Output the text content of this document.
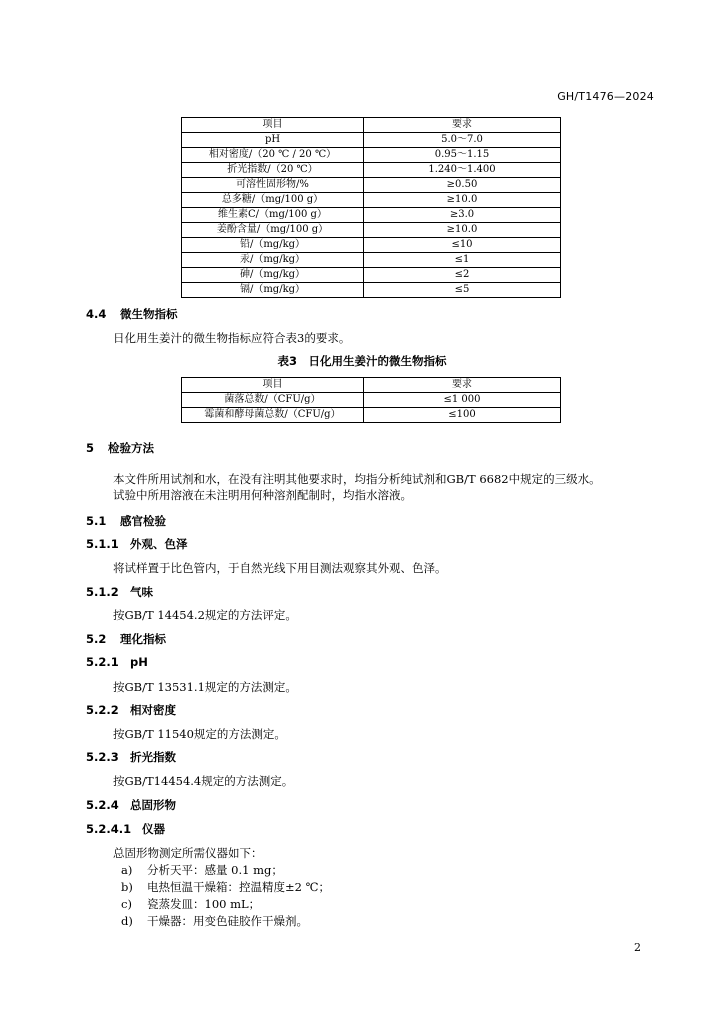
GH/T1476—2024
项目	要求
pH	5.0～7.0
相对密度/（20 ℃ / 20 ℃）	0.95～1.15
折光指数/（20 ℃）	1.240～1.400
可溶性固形物/%	≥0.50
总多糖/（mg/100 g）	≥10.0
维生素C/（mg/100 g）	≥3.0
姜酚含量/（mg/100 g）	≥10.0
铅/（mg/kg）	≤10
汞/（mg/kg）	≤1
砷/（mg/kg）	≤2
镉/（mg/kg）	≤5
4.4 微生物指标
日化用生姜汁的微生物指标应符合表3的要求。
表3　日化用生姜汁的微生物指标
项目	要求
菌落总数/（CFU/g）	≤1 000
霉菌和酵母菌总数/（CFU/g）	≤100
5 检验方法
本文件所用试剂和水，在没有注明其他要求时，均指分析纯试剂和GB/T 6682中规定的三级水。
试验中所用溶液在未注明用何种溶剂配制时，均指水溶液。
5.1 感官检验
5.1.1 外观、色泽
将试样置于比色管内，于自然光线下用目测法观察其外观、色泽。
5.1.2 气味
按GB/T 14454.2规定的方法评定。
5.2 理化指标
5.2.1 pH
按GB/T 13531.1规定的方法测定。
5.2.2 相对密度
按GB/T 11540规定的方法测定。
5.2.3 折光指数
按GB/T14454.4规定的方法测定。
5.2.4 总固形物
5.2.4.1 仪器
总固形物测定所需仪器如下：
a) 分析天平：感量 0.1 mg；
b) 电热恒温干燥箱：控温精度±2 ℃；
c) 瓷蒸发皿：100 mL；
d) 干燥器：用变色硅胶作干燥剂。
2
